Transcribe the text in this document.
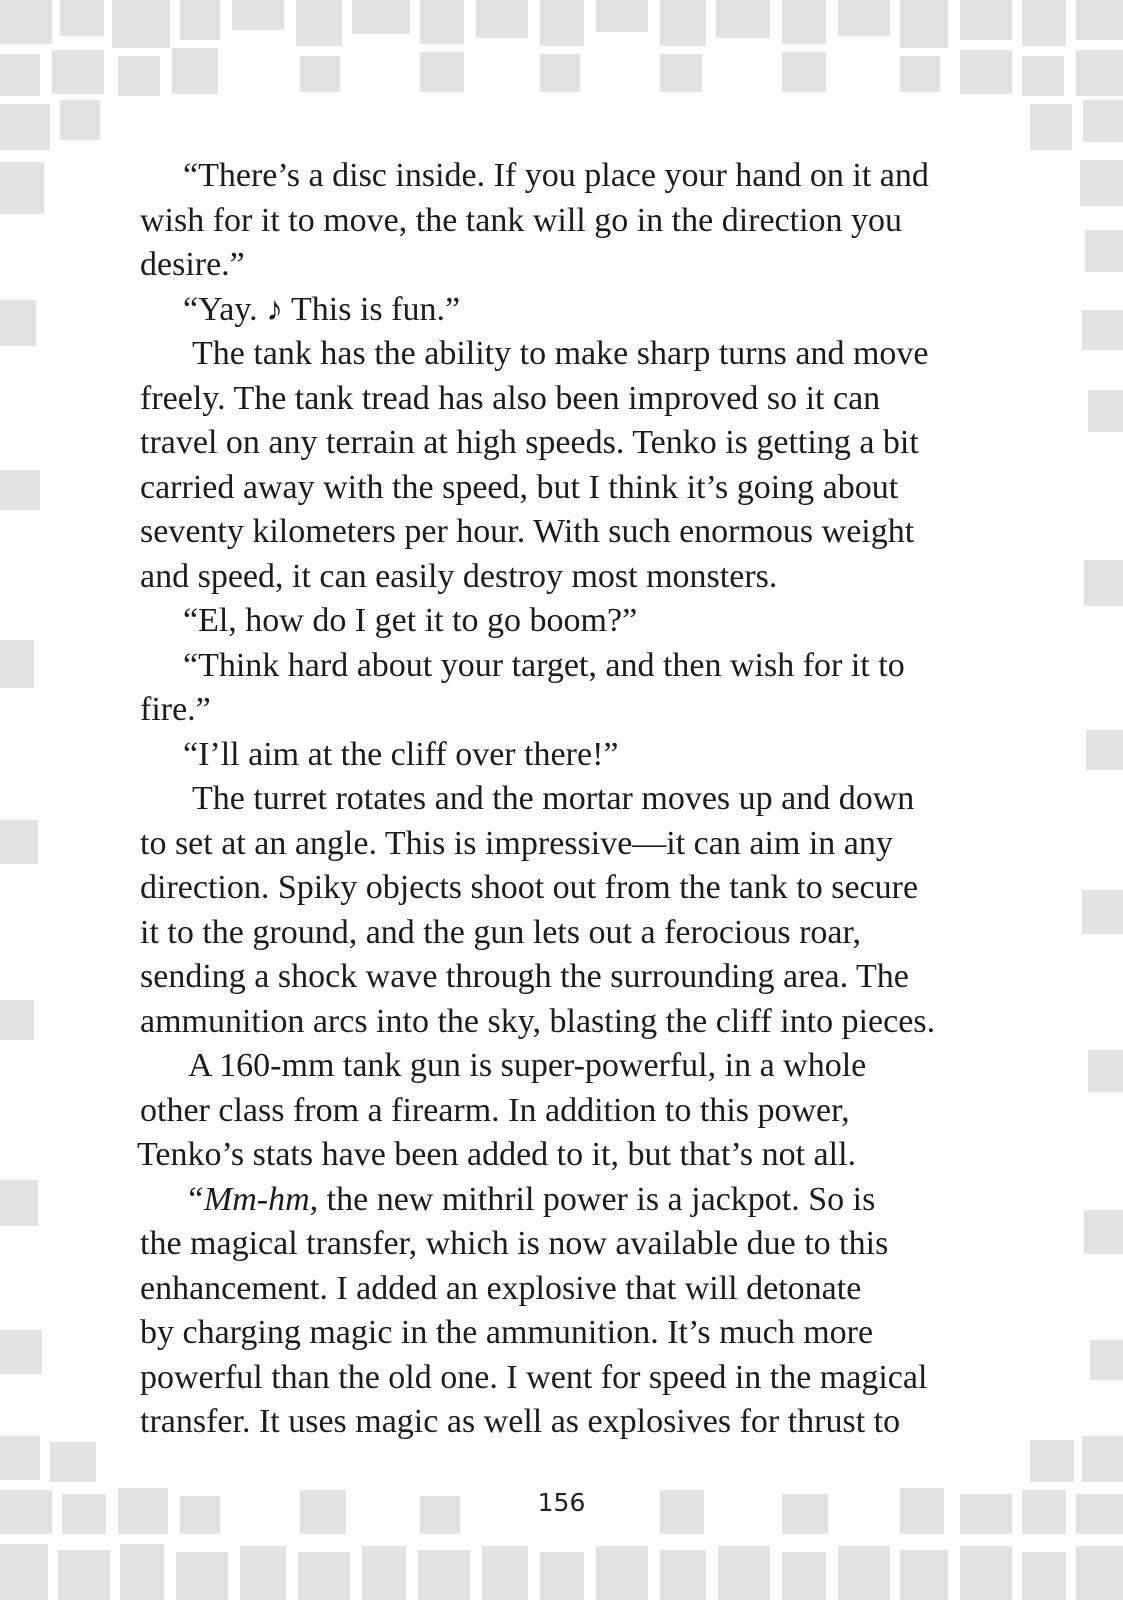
“There’s a disc inside. If you place your hand on it and
wish for it to move, the tank will go in the direction you
desire.”
“Yay. ♪ This is fun.”
The tank has the ability to make sharp turns and move
freely. The tank tread has also been improved so it can
travel on any terrain at high speeds. Tenko is getting a bit
carried away with the speed, but I think it’s going about
seventy kilometers per hour. With such enormous weight
and speed, it can easily destroy most monsters.
“El, how do I get it to go boom?”
“Think hard about your target, and then wish for it to
fire.”
“I’ll aim at the cliff over there!”
The turret rotates and the mortar moves up and down
to set at an angle. This is impressive—it can aim in any
direction. Spiky objects shoot out from the tank to secure
it to the ground, and the gun lets out a ferocious roar,
sending a shock wave through the surrounding area. The
ammunition arcs into the sky, blasting the cliff into pieces.
A 160-mm tank gun is super-powerful, in a whole
other class from a firearm. In addition to this power,
Tenko’s stats have been added to it, but that’s not all.
“Mm-hm, the new mithril power is a jackpot. So is
the magical transfer, which is now available due to this
enhancement. I added an explosive that will detonate
by charging magic in the ammunition. It’s much more
powerful than the old one. I went for speed in the magical
transfer. It uses magic as well as explosives for thrust to
156
